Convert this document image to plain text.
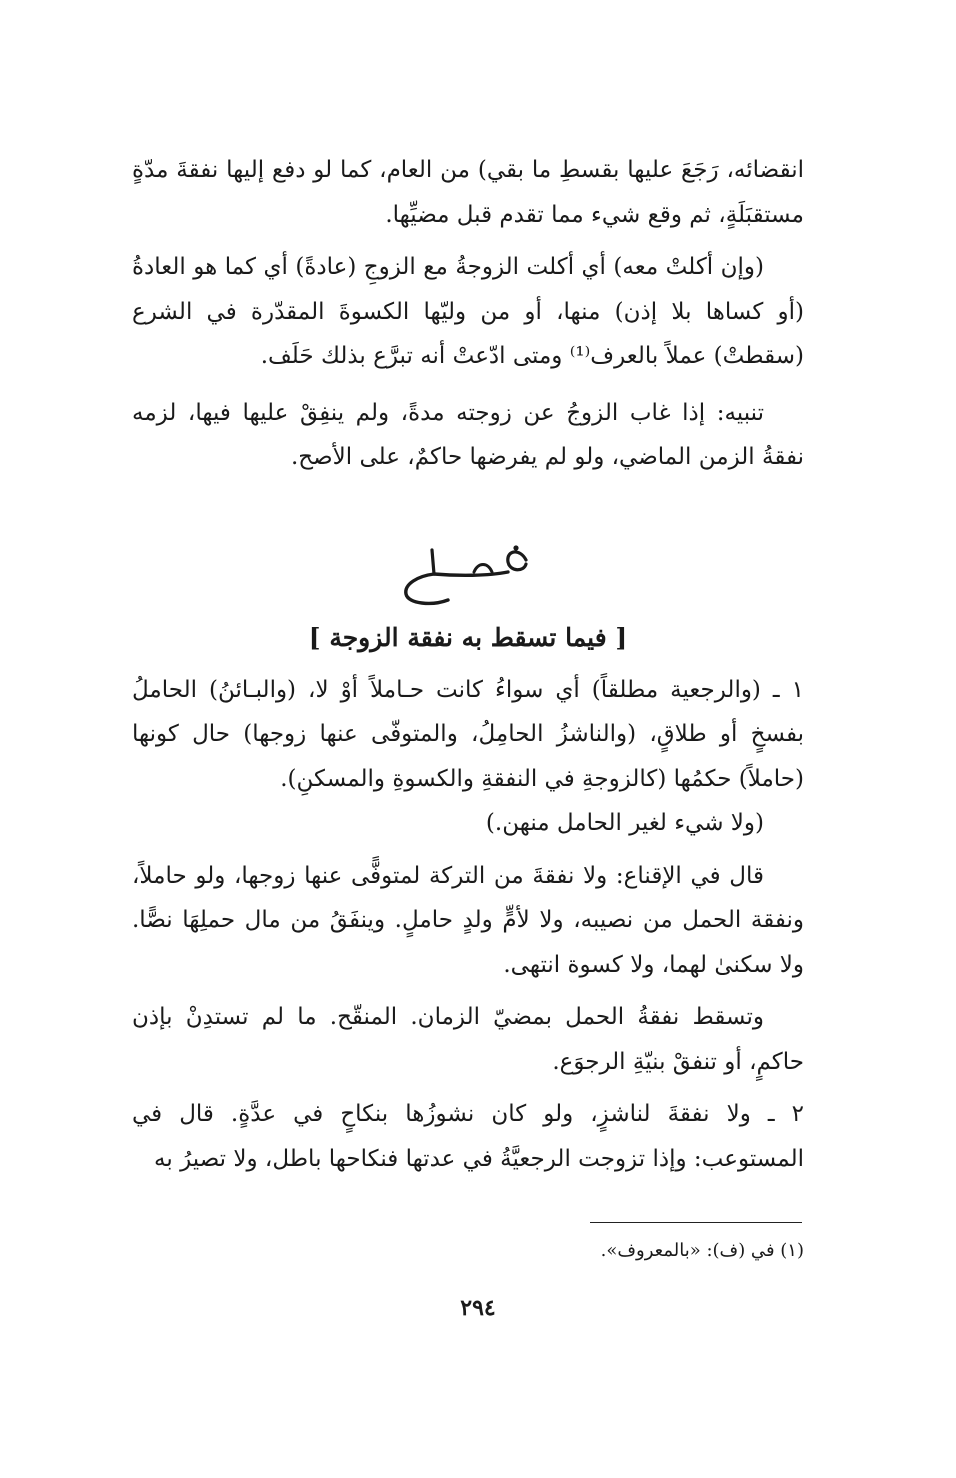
انقضائه، رَجَعَ عليها بقسطِ ما بقي) من العام، كما لو دفع إليها نفقةَ مدّةٍ مستقبَلَةٍ، ثم وقع شيء مما تقدم قبل مضيِّها.

(وإن أكلتْ معه) أي أكلت الزوجةُ مع الزوجِ (عادةً) أي كما هو العادةُ (أو كساها بلا إذن) منها، أو من وليّها الكسوةَ المقدّرة في الشرع (سقطتْ) عملاً بالعرف⁽¹⁾ ومتى ادّعتْ أنه تبرَّع بذلك حَلَف.

تنبيه: إذا غاب الزوجُ عن زوجته مدةً، ولم ينفِقْ عليها فيها، لزمه نفقةُ الزمن الماضي، ولو لم يفرضها حاكمٌ، على الأصح.

[ فيما تسقط به نفقة الزوجة ]

١ ـ (والرجعية مطلقاً) أي سواءُ كانت حـاملاً أوْ لا، (والبـائنُ) الحاملُ بفسخٍ أو طلاقٍ، (والناشزُ الحامِلُ، والمتوفّى عنها زوجها) حال كونها (حاملاً) حكمُها (كالزوجةِ في النفقةِ والكسوةِ والمسكنِ).

(ولا شيء لغير الحامل منهن.)

قال في الإقناع: ولا نفقةَ من التركة لمتوفًّى عنها زوجها، ولو حاملاً، ونفقة الحمل من نصيبه، ولا لأمٍّ ولدٍ حاملٍ. وينفَقُ من مال حملِهَا نصًّا. ولا سكنىٰ لهما، ولا كسوة انتهى.

وتسقط نفقةُ الحمل بمضيّ الزمان. المنقّح. ما لم تستدِنْ بإذن حاكمٍ، أو تنفقْ بنيّةِ الرجوَع.

٢ ـ ولا نفقةَ لناشزٍ، ولو كان نشوزُها بنكاحٍ في عدَّةٍ. قال في المستوعب: وإذا تزوجت الرجعيَّةُ في عدتها فنكاحها باطل، ولا تصيرُ به

(١) في (ف): «بالمعروف».
٢٩٤
